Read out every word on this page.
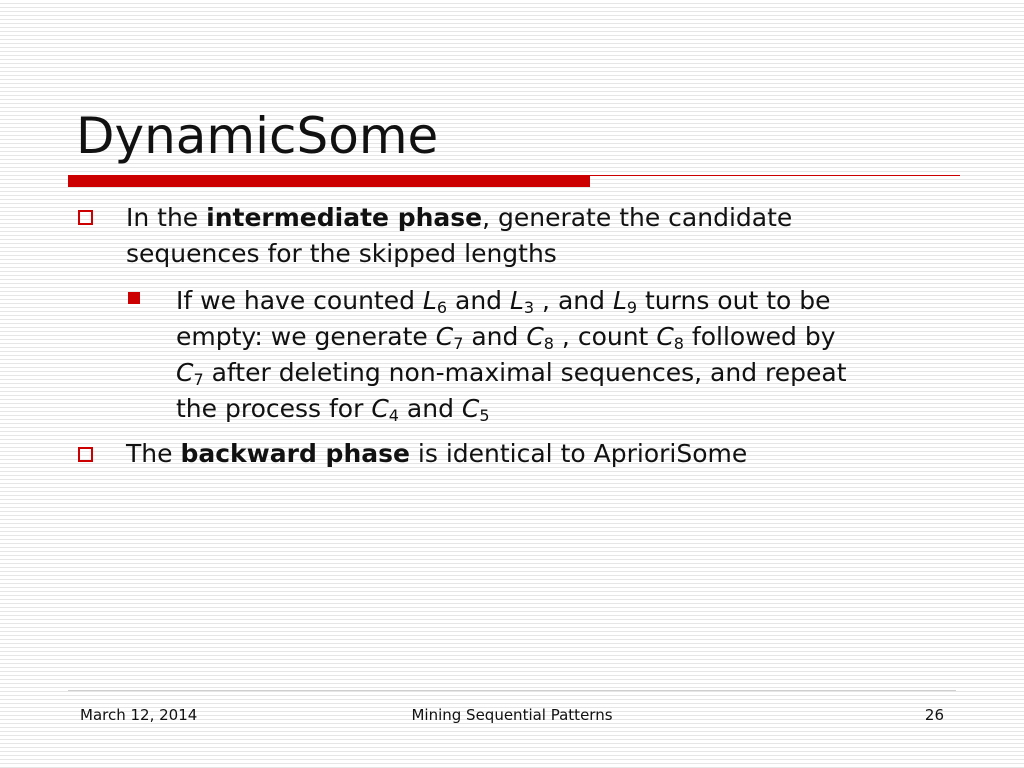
DynamicSome
In the intermediate phase, generate the candidate
sequences for the skipped lengths
If we have counted $L_6$ and $L_3$ , and $L_9$ turns out to be
empty: we generate $C_7$ and $C_8$ , count $C_8$ followed by
$C_7$ after deleting non-maximal sequences, and repeat
the process for $C_4$ and $C_5$
The backward phase is identical to AprioriSome
March 12, 2014	Mining Sequential Patterns	26
